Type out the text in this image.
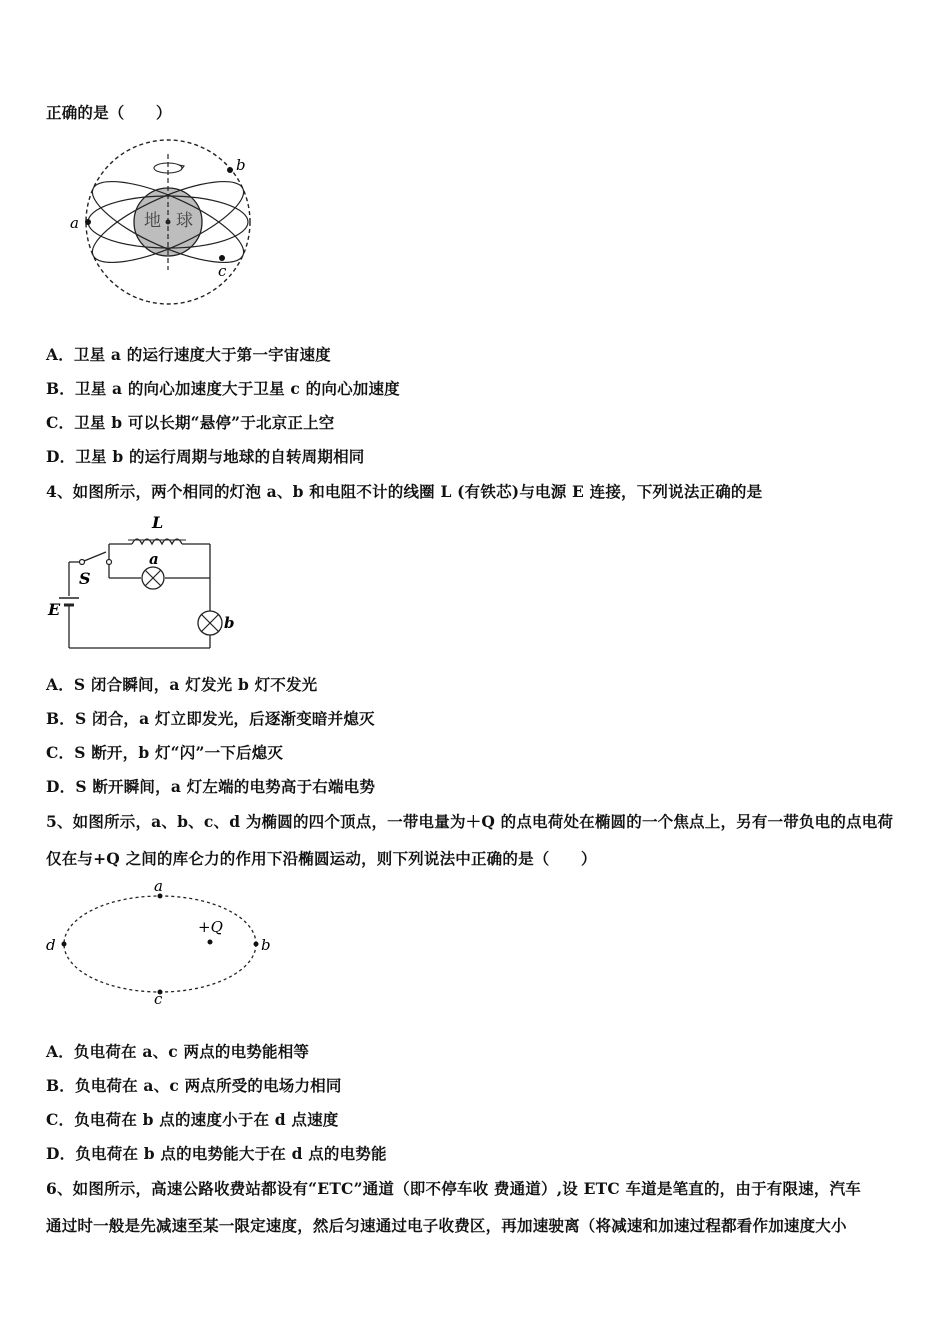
正确的是（　　）
地 球
a
b
c
A．卫星 a 的运行速度大于第一宇宙速度
B．卫星 a 的向心加速度大于卫星 c 的向心加速度
C．卫星 b 可以长期“悬停”于北京正上空
D．卫星 b 的运行周期与地球的自转周期相同
4、如图所示，两个相同的灯泡 a、b 和电阻不计的线圈 L (有铁芯)与电源 E 连接，下列说法正确的是
L
a
S
E
b
A．S 闭合瞬间，a 灯发光 b 灯不发光
B．S 闭合，a 灯立即发光，后逐渐变暗并熄灭
C．S 断开，b 灯“闪”一下后熄灭
D．S 断开瞬间，a 灯左端的电势高于右端电势
5、如图所示，a、b、c、d 为椭圆的四个顶点，一带电量为＋Q 的点电荷处在椭圆的一个焦点上，另有一带负电的点电荷
仅在与+Q 之间的库仑力的作用下沿椭圆运动，则下列说法中正确的是（　　）
a
b
c
d
+Q
A．负电荷在 a、c 两点的电势能相等
B．负电荷在 a、c 两点所受的电场力相同
C．负电荷在 b 点的速度小于在 d 点速度
D．负电荷在 b 点的电势能大于在 d 点的电势能
6、如图所示，高速公路收费站都设有“ETC”通道（即不停车收 费通道）,设 ETC 车道是笔直的，由于有限速，汽车
通过时一般是先减速至某一限定速度，然后匀速通过电子收费区，再加速驶离（将减速和加速过程都看作加速度大小
